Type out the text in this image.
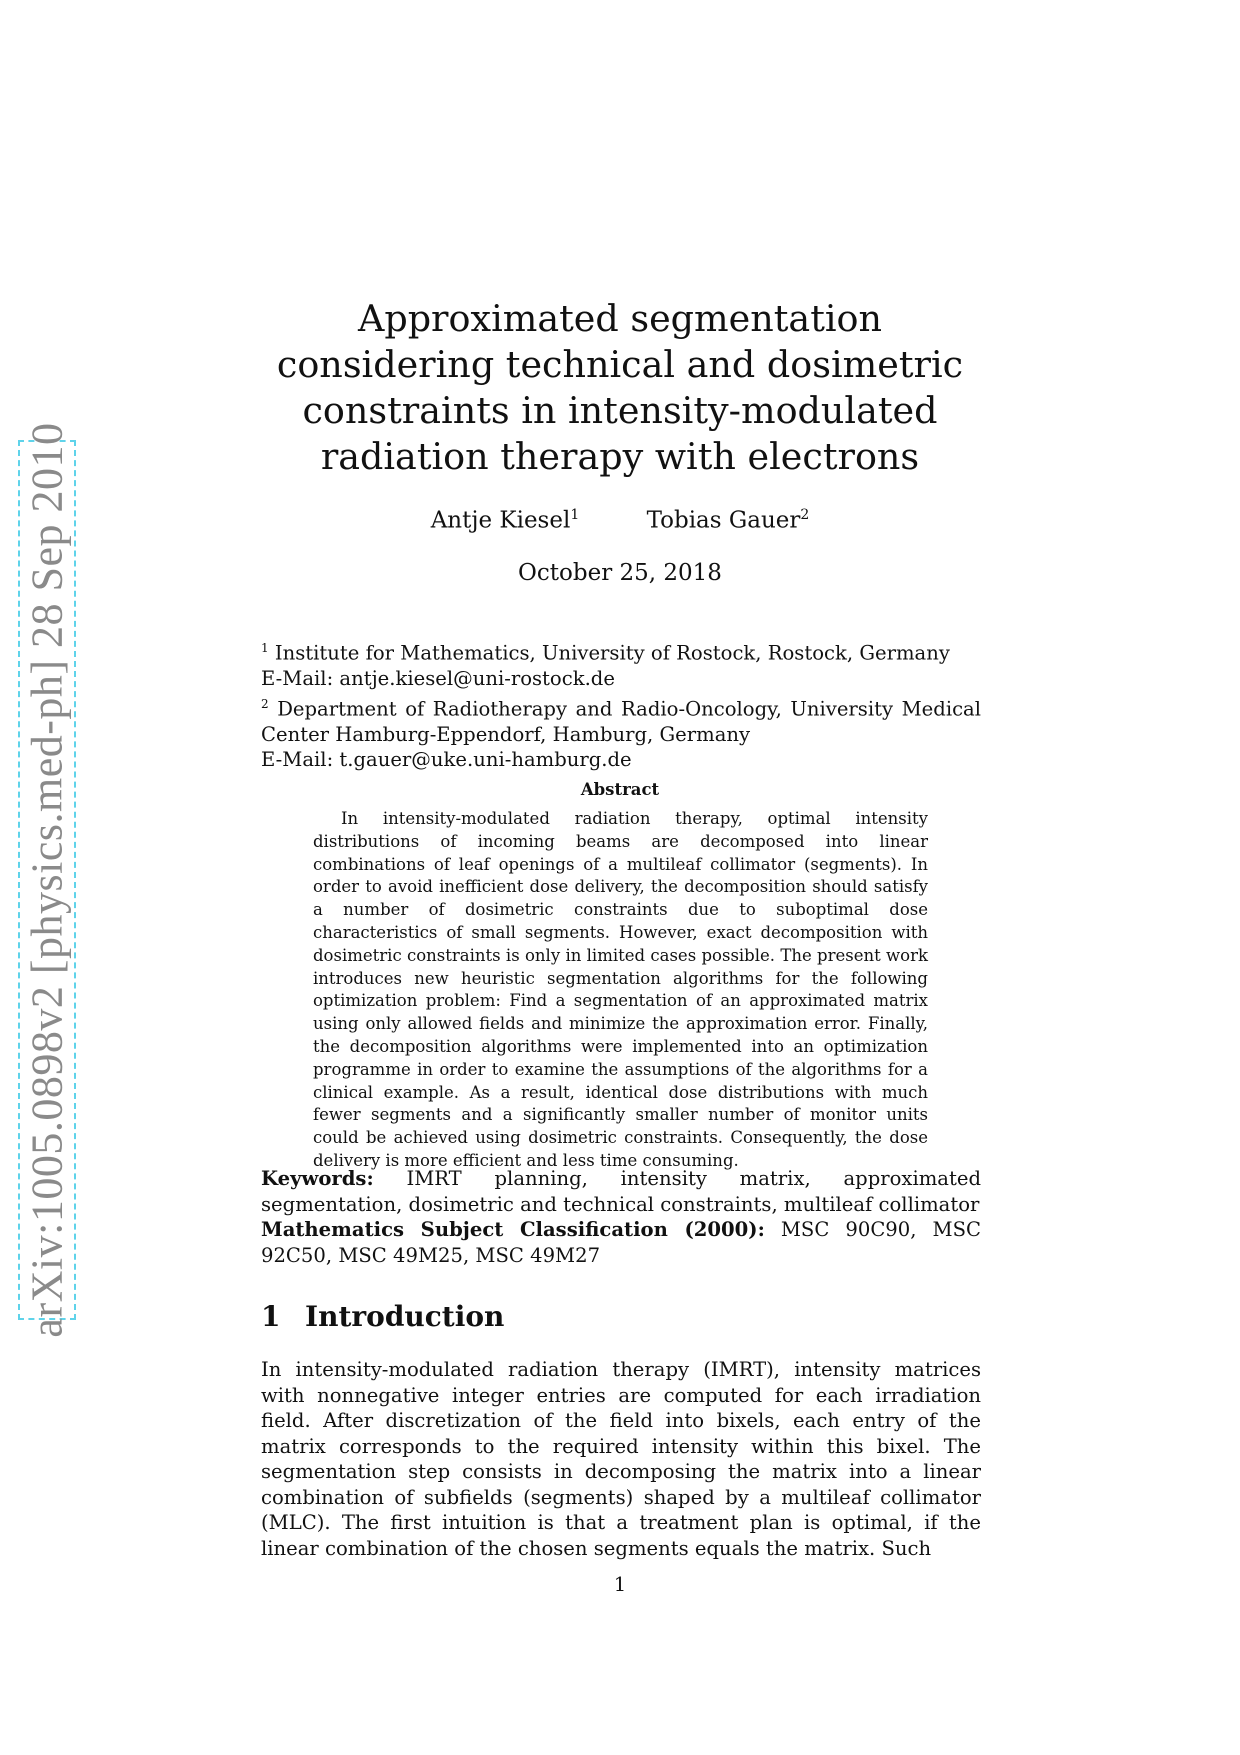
arXiv:1005.0898v2 [physics.med-ph] 28 Sep 2010
Approximated segmentation considering technical and dosimetric constraints in intensity-modulated radiation therapy with electrons
Antje Kiesel$^1$	Tobias Gauer$^2$
October 25, 2018

$^1$ Institute for Mathematics, University of Rostock, Rostock, Germany

E-Mail: antje.kiesel@uni-rostock.de

$^2$ Department of Radiotherapy and Radio-Oncology, University Medical Center Hamburg-Eppendorf, Hamburg, Germany

E-Mail: t.gauer@uke.uni-hamburg.de

Abstract

In intensity-modulated radiation therapy, optimal intensity distributions of incoming beams are decomposed into linear combinations of leaf openings of a multileaf collimator (segments). In order to avoid inefficient dose delivery, the decomposition should satisfy a number of dosimetric constraints due to suboptimal dose characteristics of small segments. However, exact decomposition with dosimetric constraints is only in limited cases possible. The present work introduces new heuristic segmentation algorithms for the following optimization problem: Find a segmentation of an approximated matrix using only allowed fields and minimize the approximation error. Finally, the decomposition algorithms were implemented into an optimization programme in order to examine the assumptions of the algorithms for a clinical example. As a result, identical dose distributions with much fewer segments and a significantly smaller number of monitor units could be achieved using dosimetric constraints. Consequently, the dose delivery is more efficient and less time consuming.

Keywords: IMRT planning, intensity matrix, approximated segmentation, dosimetric and technical constraints, multileaf collimator

Mathematics Subject Classification (2000): MSC 90C90, MSC 92C50, MSC 49M25, MSC 49M27

1 Introduction

In intensity-modulated radiation therapy (IMRT), intensity matrices with nonnegative integer entries are computed for each irradiation field. After discretization of the field into bixels, each entry of the matrix corresponds to the required intensity within this bixel. The segmentation step consists in decomposing the matrix into a linear combination of subfields (segments) shaped by a multileaf collimator (MLC). The first intuition is that a treatment plan is optimal, if the linear combination of the chosen segments equals the matrix. Such

1
